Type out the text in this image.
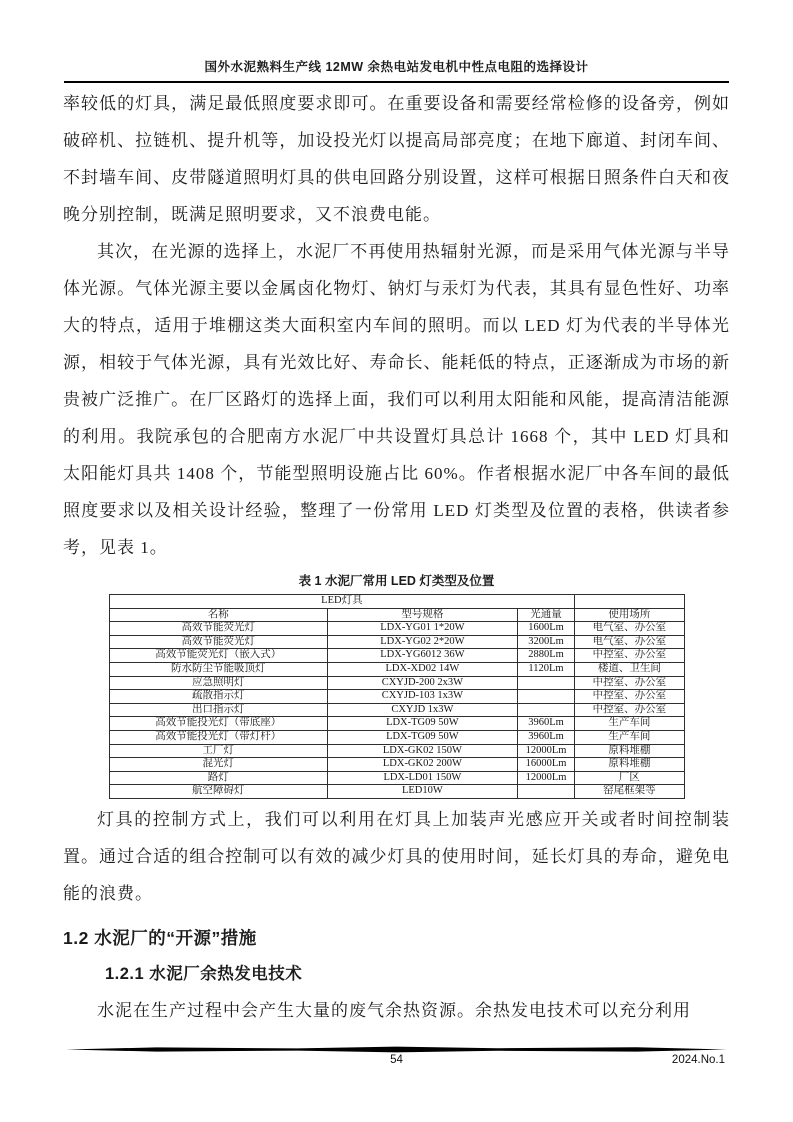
国外水泥熟料生产线 12MW 余热电站发电机中性点电阻的选择设计

率较低的灯具，满足最低照度要求即可。在重要设备和需要经常检修的设备旁，例如破碎机、拉链机、提升机等，加设投光灯以提高局部亮度；在地下廊道、封闭车间、不封墙车间、皮带隧道照明灯具的供电回路分别设置，这样可根据日照条件白天和夜晚分别控制，既满足照明要求，又不浪费电能。

其次，在光源的选择上，水泥厂不再使用热辐射光源，而是采用气体光源与半导体光源。气体光源主要以金属卤化物灯、钠灯与汞灯为代表，其具有显色性好、功率大的特点，适用于堆棚这类大面积室内车间的照明。而以 LED 灯为代表的半导体光源，相较于气体光源，具有光效比好、寿命长、能耗低的特点，正逐渐成为市场的新贵被广泛推广。在厂区路灯的选择上面，我们可以利用太阳能和风能，提高清洁能源的利用。我院承包的合肥南方水泥厂中共设置灯具总计 1668 个，其中 LED 灯具和太阳能灯具共 1408 个，节能型照明设施占比 60%。作者根据水泥厂中各车间的最低照度要求以及相关设计经验，整理了一份常用 LED 灯类型及位置的表格，供读者参考，见表 1。

表 1 水泥厂常用 LED 灯类型及位置
LED灯具			
名称	型号规格	光通量	使用场所
高效节能荧光灯	LDX-YG01 1*20W	1600Lm	电气室、办公室
高效节能荧光灯	LDX-YG02 2*20W	3200Lm	电气室、办公室
高效节能荧光灯（嵌入式）	LDX-YG6012 36W	2880Lm	中控室、办公室
防水防尘节能吸顶灯	LDX-XD02 14W	1120Lm	楼道、卫生间
应急照明灯	CXYJD-200 2x3W		中控室、办公室
疏散指示灯	CXYJD-103 1x3W		中控室、办公室
出口指示灯	CXYJD 1x3W		中控室、办公室
高效节能投光灯（带底座）	LDX-TG09 50W	3960Lm	生产车间
高效节能投光灯（带灯杆）	LDX-TG09 50W	3960Lm	生产车间
工厂灯	LDX-GK02 150W	12000Lm	原料堆棚
混光灯	LDX-GK02 200W	16000Lm	原料堆棚
路灯	LDX-LD01 150W	12000Lm	厂区
航空障碍灯	LED10W		窑尾框架等

灯具的控制方式上，我们可以利用在灯具上加装声光感应开关或者时间控制装置。通过合适的组合控制可以有效的减少灯具的使用时间，延长灯具的寿命，避免电能的浪费。

1.2 水泥厂的“开源”措施
1.2.1 水泥厂余热发电技术

水泥在生产过程中会产生大量的废气余热资源。余热发电技术可以充分利用

54	2024.No.1
